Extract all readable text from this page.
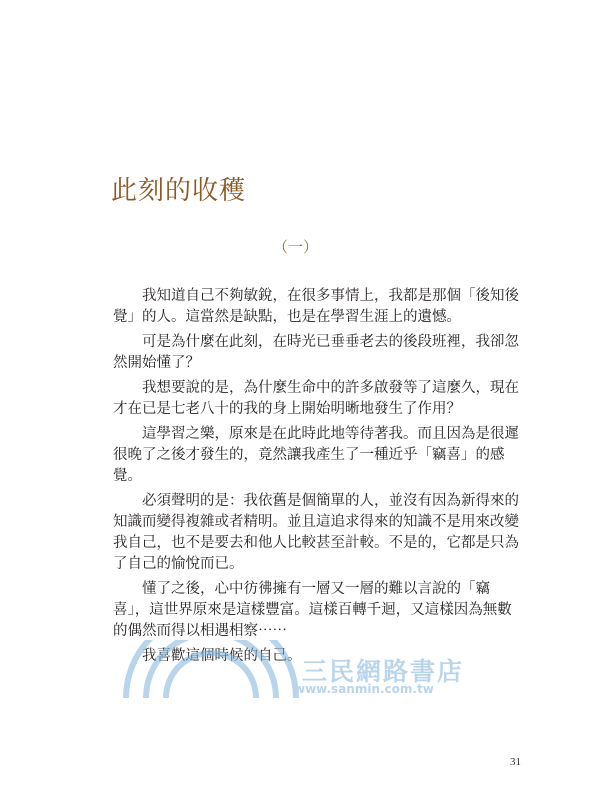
此刻的收穫
（一）
我知道自己不夠敏銳，在很多事情上，我都是那個「後知後
覺」的人。這當然是缺點，也是在學習生涯上的遺憾。
可是為什麼在此刻，在時光已垂垂老去的後段班裡，我卻忽
然開始懂了？
我想要說的是，為什麼生命中的許多啟發等了這麼久，現在
才在已是七老八十的我的身上開始明晰地發生了作用？
這學習之樂，原來是在此時此地等待著我。而且因為是很遲
很晚了之後才發生的，竟然讓我產生了一種近乎「竊喜」的感
覺。
必須聲明的是：我依舊是個簡單的人，並沒有因為新得來的
知識而變得複雜或者精明。並且這追求得來的知識不是用來改變
我自己，也不是要去和他人比較甚至計較。不是的，它都是只為
了自己的愉悅而已。
懂了之後，心中彷彿擁有一層又一層的難以言說的「竊
喜」，這世界原來是這樣豐富。這樣百轉千迴，又這樣因為無數
的偶然而得以相遇相察⋯⋯
我喜歡這個時候的自己。
三民網路書店
www.sanmin.com.tw
31
